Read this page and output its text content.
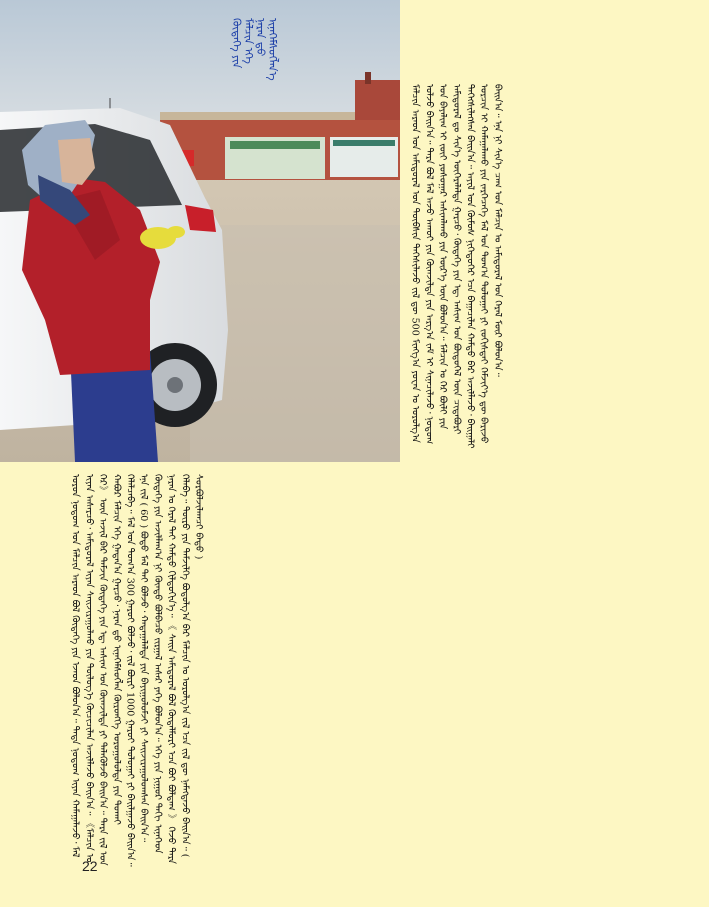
ᠬᠥᠳᠡᠭᠡ ᠶᠢᠨ ᠮᠠᠯᠴᠢᠨ ᠡᠬᠡ ᠨᠠᠷᠠᠨ ᠳ᠋ᠤ ᠢᠨᠡᠭᠡᠮᠰᠦᠭᠯᠡᠨ᠎ᠡ
ᠮᠠᠯᠴᠢᠨ ᠠᠷᠠᠳ ᠤᠨ ᠠᠮᠢᠳᠤᠷᠠᠯ ᠤᠨ ᠲᠦᠪᠰᠢᠨ ᠳᠡᠭᠡᠰᠢᠯᠡᠵᠦ ᠵᠢᠯ ᠳᠦ 500 ᠮᠢᠩᠭ᠎ᠠ ᠶᠤᠸᠠᠨ ᠤ ᠣᠷᠣᠯᠭ᠎ᠠ ᠣᠯᠵᠤ ᠪᠠᠢᠨ᠎ᠠ᠃ ᠲᠡᠷᠡ ᠪᠣᠯ ᠮᠠᠯ ᠠᠵᠤ ᠠᠬᠤᠢ ᠶᠢᠨ ᠬᠥᠭ᠍ᠵᠢᠯᠲᠡ ᠶᠢᠨ ᠠᠷᠭ᠎ᠠ ᠵᠠᠮ ᠢ ᠰᠢᠨᠡᠴᠢᠯᠡᠵᠦ᠂ ᠨᠤᠲᠤᠭ ᠤᠨ ᠪᠠᠶᠠᠯᠢᠭ ᠢ ᠵᠦᠢ ᠶᠣᠰᠣᠭᠠᠷ ᠠᠰᠢᠭᠯᠠᠬᠤ ᠶᠢᠨ ᠦᠷ᠎ᠡ ᠦᠨ ᠪᠣᠯᠤᠨ᠎ᠠ᠃ ᠮᠠᠯᠴᠢᠨ ᠤ ᠭᠡᠷ ᠪᠦᠯᠢ ᠶᠢᠨ ᠠᠮᠢᠳᠤᠷᠠᠯ ᠳᠤ ᠰᠢᠨ᠎ᠡ ᠥᠭᠡᠷᠡᠯᠡᠯᠲᠡ ᠭᠠᠷᠴᠤ᠂ ᠬᠥᠳᠡᠭᠡ ᠶᠢᠨ ᠡᠳ᠋ ᠠᠰᠢᠭ ᠤᠨ ᠪᠦᠲᠦᠭᠡᠯ ᠦᠨ ᠴᠢᠳᠠᠪᠤᠷᠢ ᠳᠡᠭᠡᠭᠰᠢᠯᠡᠭᠰᠡᠨ ᠪᠠᠢᠨ᠎ᠠ᠃ ᠠᠶᠢᠯ ᠤᠨ ᠬᠦᠮᠦᠰ ᠨᠢᠭᠡᠳᠦᠭᠡᠷ ᠡᠴᠡ ᠪᠠᠭᠠᠴᠢᠯᠠᠨ ᠬᠠᠮᠲᠤ ᠪᠡᠷ ᠠᠵᠢᠯᠯᠠᠵᠤ᠂ ᠪᠠᠢᠭᠠᠯᠢ ᠣᠷᠴᠢᠨ ᠢ ᠬᠠᠮᠠᠭᠠᠯᠠᠬᠤ ᠶᠢᠨ ᠵᠡᠷᠭᠡᠴᠡᠭᠡ ᠮᠠᠯ ᠤᠨ ᠲᠣᠭ᠎ᠠ ᠲᠣᠯᠣᠭᠠᠢ ᠶᠢ ᠵᠣᠬᠢᠰᠲᠠᠢ ᠬᠡᠮᠵᠢᠶ᠎ᠡ ᠳᠦ ᠪᠠᠷᠢᠵᠤ ᠪᠠᠢᠨ᠎ᠠ᠃ ᠡᠨᠡ ᠨᠢ ᠰᠢᠨ᠎ᠡ ᠴᠠᠭ ᠤᠨ ᠮᠠᠯᠴᠢᠨ ᠤ ᠠᠮᠢᠳᠤᠷᠠᠯ ᠤᠨ ᠭᠡᠷᠡᠯ ᠮᠥᠷ ᠪᠣᠯᠤᠨ᠎ᠠ᠃
ᠣᠷᠣᠨ ᠨᠤᠲᠤᠭ ᠤᠨ ᠮᠠᠯᠴᠢᠨ ᠠᠷᠠᠳ ᠪᠣᠯ ᠬᠥᠳᠡᠭᠡ ᠶᠢᠨ ᠡᠵᠡᠳ ᠪᠣᠯᠤᠨ᠎ᠠ᠃ ᠲᠡᠳᠡ ᠨᠤᠲᠤᠭ ᠢᠶᠠᠨ ᠬᠠᠮᠠᠭᠠᠯᠠᠵᠤ᠂ ᠮᠠᠯ ᠢᠶᠠᠨ ᠠᠰᠠᠷᠴᠤ᠂ ᠠᠮᠢᠳᠤᠷᠠᠯ ᠢᠶᠠᠨ ᠰᠠᠢᠵᠢᠷᠠᠭᠤᠯᠬᠤ ᠶᠢᠨ ᠲᠥᠯᠦᠭ᠎ᠡ ᠬᠦᠴᠢᠴᠢᠯᠡᠨ ᠠᠵᠢᠯᠯᠠᠵᠤ ᠪᠠᠢᠨ᠎ᠠ᠃ 《ᠮᠠᠯᠴᠢᠨ ᠤ ᠭᠡᠷ》 ᠦᠨ ᠠᠵᠢᠯ ᠪᠠᠷ ᠳᠠᠮᠵᠢᠨ ᠬᠥᠳᠡᠭᠡ ᠶᠢᠨ ᠡᠳ᠋ ᠠᠰᠢᠭ ᠤᠨ ᠬᠥᠭ᠍ᠵᠢᠯᠲᠡ ᠶᠢ ᠲᠡᠯᠡᠭᠦᠯᠵᠦ ᠪᠠᠢᠨ᠎ᠠ᠃ ᠲᠡᠷᠡ ᠵᠢᠯ ᠤᠨ ᠬᠠᠪᠤᠷ ᠮᠠᠯᠴᠢᠨ ᠡᠬᠡ ᠭᠠᠳᠠᠨ᠎ᠠ ᠭᠠᠷᠴᠤ᠂ ᠨᠠᠷᠠᠨ ᠳ᠋ᠤ ᠢᠨᠡᠭᠡᠮᠰᠦᠭᠯᠡᠨ ᠬᠥᠷᠥᠩᠭᠡ ᠣᠷᠣᠭᠤᠯᠤᠯᠲᠠ ᠶᠢᠨ ᠲᠤᠬᠠᠢ ᠬᠡᠯᠡᠯᠴᠡᠪᠡ᠃ ᠮᠠᠯ ᠤᠨ ᠲᠣᠭ᠎ᠠ 300 ᠭᠠᠷᠤᠢ ᠪᠣᠯᠵᠤ᠂ ᠵᠢᠯ ᠪᠦᠷᠢ 1000 ᠭᠠᠷᠤᠢ ᠲᠤᠯᠤᠭᠠᠢ ᠶᠢ ᠪᠠᠢᠯᠭᠠᠵᠤ ᠪᠠᠢᠨ᠎ᠠ᠃ ᠡᠨᠡ ᠵᠢᠯ ( 60 ) ᠪᠣᠳᠣ ᠮᠠᠯ ᠲᠠᠢ ᠪᠣᠯᠵᠤ᠂ ᠬᠠᠳᠠᠭᠠᠯᠠᠯᠲᠠ ᠶᠢᠨ ᠪᠠᠶᠢᠭᠤᠯᠤᠮᠵᠢ ᠶᠢ ᠰᠠᠢᠵᠢᠷᠠᠭᠤᠯᠤᠭᠰᠠᠨ ᠪᠠᠢᠨ᠎ᠠ᠃ ᠬᠥᠳᠡᠭᠡ ᠶᠢᠨ ᠠᠵᠢᠯᠯᠠᠭ᠎ᠠ ᠨᠢ ᠬᠦᠨᠳᠦ ᠪᠣᠯᠪᠠᠴᠤ ᠵᠢᠷᠭᠠᠯ ᠠᠰᠠᠷ ᠶᠡᠬᠡ ᠪᠣᠯᠤᠨ᠎ᠠ᠃ ᠡᠬᠡ ᠶᠢᠨ ᠨᠢᠭᠤᠷ ᠲᠠᠬᠢ ᠢᠨᠡᠭᠡᠳ ᠨᠠᠷᠠᠨ ᠤ ᠭᠡᠷᠡᠯ ᠲᠡᠢ ᠬᠠᠮᠲᠤ ᠭᠢᠯᠲᠦᠭᠢᠨ᠎ᠡ᠃ 《 ᠰᠠᠢᠨ ᠠᠮᠢᠳᠤᠷᠠᠯ ᠪᠣᠯ ᠬᠥᠳᠡᠯᠮᠦᠷᠢ ᠡᠴᠡ ᠪᠣᠢ ᠪᠣᠯᠳᠠᠭ 》 ᠭᠡᠵᠦ ᠲᠡᠷᠡ ᠬᠡᠯᠡᠪᠡ᠃ ᠲᠥᠷᠥ ᠶᠢᠨ ᠳᠡᠮᠵᠢᠯᠭᠡ ᠪᠣᠳᠣᠯᠭ᠎ᠠ ᠪᠠᠷ ᠮᠠᠯᠴᠢᠨ ᠤ ᠣᠷᠣᠯᠭ᠎ᠠ ᠵᠢᠯ ᠡᠴᠡ ᠵᠢᠯ ᠳᠦ ᠨᠡᠮᠡᠭᠳᠡᠵᠦ ᠪᠠᠢᠨ᠎ᠠ᠃ ( ᠰᠤᠷᠪᠤᠯᠵᠢᠯᠠᠭᠴᠢ ᠪᠠᠲᠤ )
22
